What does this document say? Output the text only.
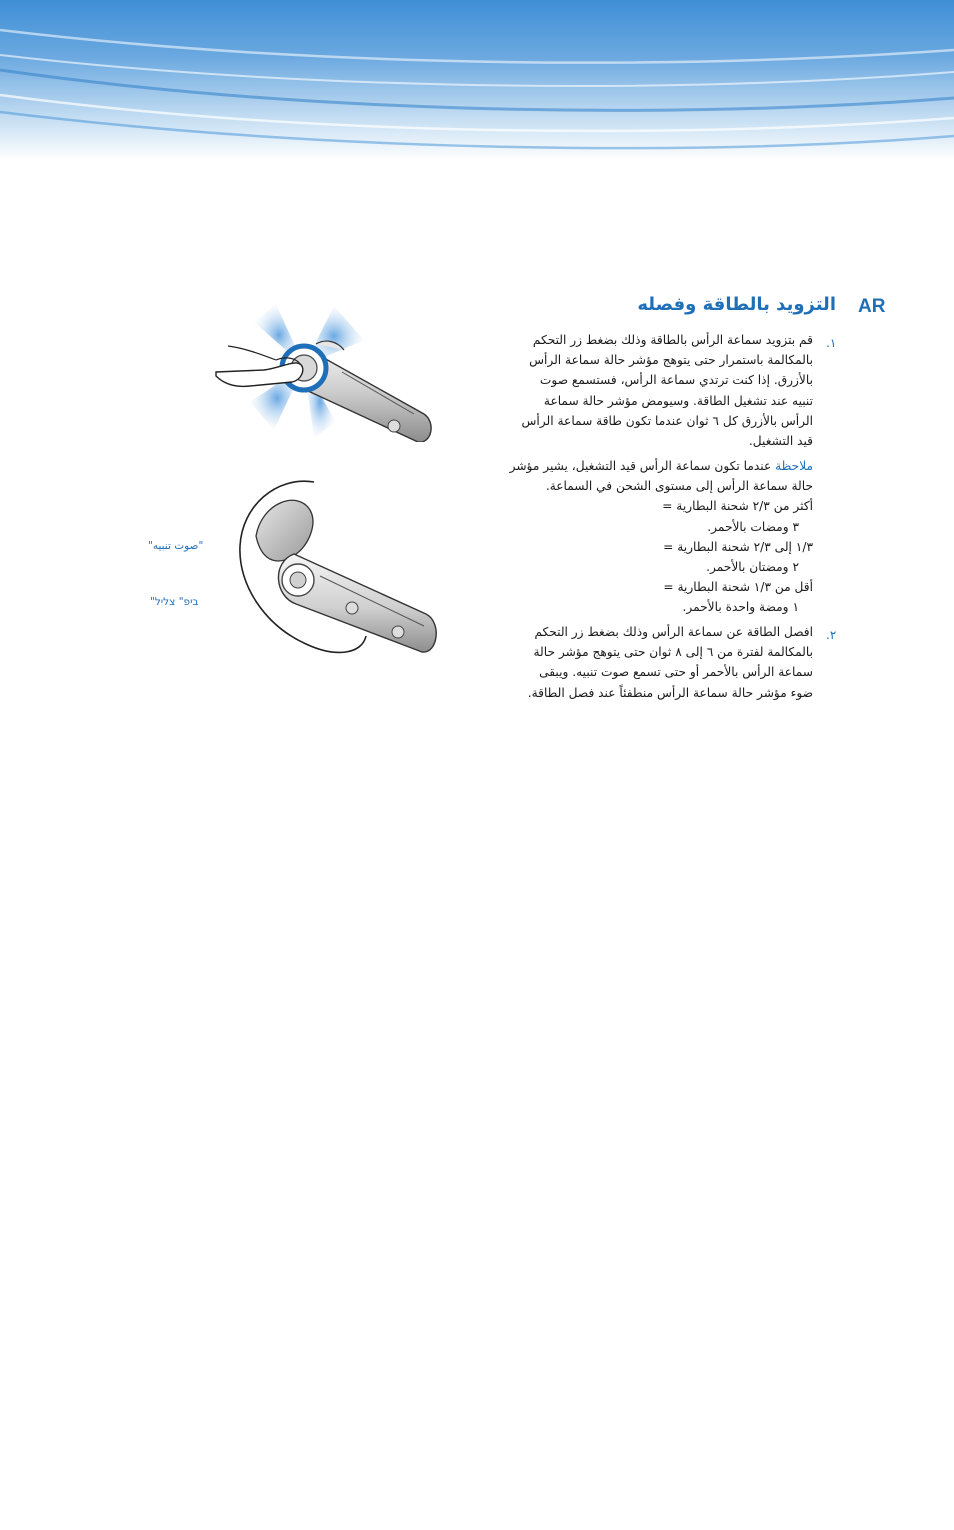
AR
التزويد بالطاقة وفصله
.١
قم بتزويد سماعة الرأس بالطاقة وذلك بضغط زر التحكم
بالمكالمة باستمرار حتى يتوهج مؤشر حالة سماعة الرأس
بالأزرق. إذا كنت ترتدي سماعة الرأس، فستسمع صوت
تنبيه عند تشغيل الطاقة. وسيومض مؤشر حالة سماعة
الرأس بالأزرق كل ٦ ثوان عندما تكون طاقة سماعة الرأس
قيد التشغيل.
ملاحظة عندما تكون سماعة الرأس قيد التشغيل، يشير مؤشر
حالة سماعة الرأس إلى مستوى الشحن في السماعة.
أكثر من ٢/٣ شحنة البطارية =
٣ ومضات بالأحمر.
١/٣ إلى ٢/٣ شحنة البطارية =
٢ ومضتان بالأحمر.
أقل من ١/٣ شحنة البطارية =
١ ومضة واحدة بالأحمر.
.٢
افصل الطاقة عن سماعة الرأس وذلك بضغط زر التحكم
بالمكالمة لفترة من ٦ إلى ٨ ثوان حتى يتوهج مؤشر حالة
سماعة الرأس بالأحمر أو حتى تسمع صوت تنبيه. ويبقى
ضوء مؤشر حالة سماعة الرأس منطفئاً عند فصل الطاقة.
"صوت تنبيه"
"ביפ" צליל
